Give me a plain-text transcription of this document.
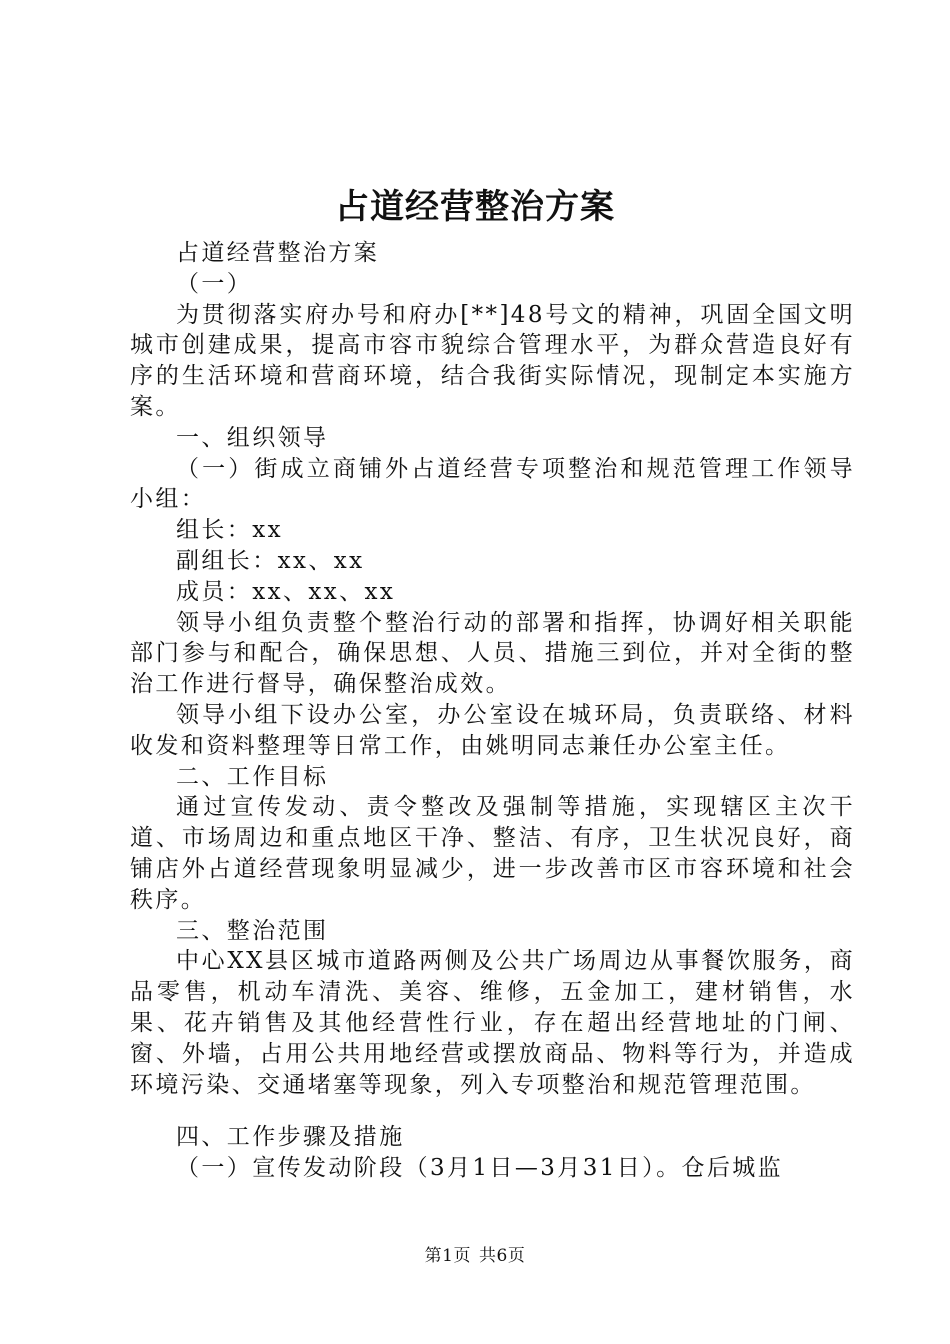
占道经营整治方案

占道经营整治方案

（一）

为贯彻落实府办号和府办[**]48号文的精神，巩固全国文明城市创建成果，提高市容市貌综合管理水平，为群众营造良好有序的生活环境和营商环境，结合我街实际情况，现制定本实施方案。

一、组织领导

（一）街成立商铺外占道经营专项整治和规范管理工作领导小组：

组长：xx

副组长：xx、xx

成员：xx、xx、xx

领导小组负责整个整治行动的部署和指挥，协调好相关职能部门参与和配合，确保思想、人员、措施三到位，并对全街的整治工作进行督导，确保整治成效。

领导小组下设办公室，办公室设在城环局，负责联络、材料收发和资料整理等日常工作，由姚明同志兼任办公室主任。

二、工作目标

通过宣传发动、责令整改及强制等措施，实现辖区主次干道、市场周边和重点地区干净、整洁、有序，卫生状况良好，商铺店外占道经营现象明显减少，进一步改善市区市容环境和社会秩序。

三、整治范围

中心XX县区城市道路两侧及公共广场周边从事餐饮服务，商品零售，机动车清洗、美容、维修，五金加工，建材销售，水果、花卉销售及其他经营性行业，存在超出经营地址的门闸、窗、外墙，占用公共用地经营或摆放商品、物料等行为，并造成环境污染、交通堵塞等现象，列入专项整治和规范管理范围。

四、工作步骤及措施

（一）宣传发动阶段（3月1日—3月31日）。仓后城监

第1页 共6页
